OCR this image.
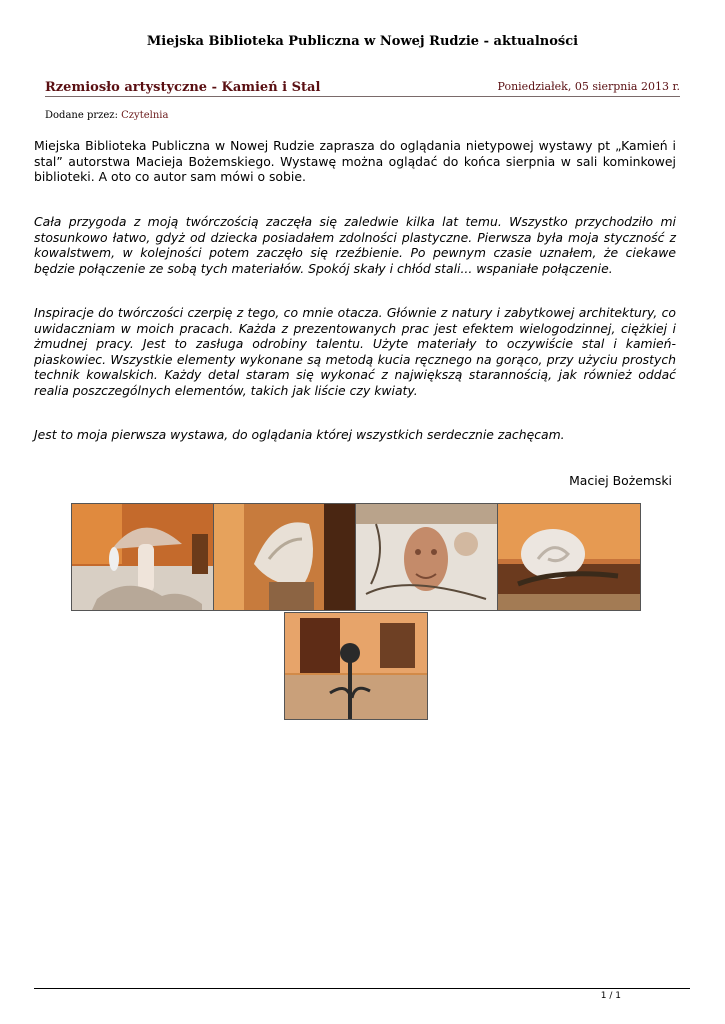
Miejska Biblioteka Publiczna w Nowej Rudzie - aktualności
Rzemiosło artystyczne - Kamień i Stal	Poniedziałek, 05 sierpnia 2013 r.
Dodane przez: Czytelnia
Miejska Biblioteka Publiczna w Nowej Rudzie zaprasza do oglądania nietypowej wystawy pt „Kamień i stal” autorstwa Macieja Bożemskiego. Wystawę można oglądać do końca sierpnia w sali kominkowej biblioteki. A oto co autor sam mówi o sobie.
Cała przygoda z moją twórczością zaczęła się zaledwie kilka lat temu. Wszystko przychodziło mi stosunkowo łatwo, gdyż od dziecka posiadałem zdolności plastyczne. Pierwsza była moja styczność z kowalstwem, w kolejności potem zaczęło się rzeźbienie. Po pewnym czasie uznałem, że ciekawe będzie połączenie ze sobą tych materiałów. Spokój skały i chłód stali... wspaniałe połączenie.
Inspiracje do twórczości czerpię z tego, co mnie otacza. Głównie z natury i zabytkowej architektury, co uwidaczniam w moich pracach. Każda z prezentowanych prac jest efektem wielogodzinnej, ciężkiej i żmudnej pracy. Jest to zasługa odrobiny talentu. Użyte materiały to oczywiście stal i kamień- piaskowiec. Wszystkie elementy wykonane są metodą kucia ręcznego na gorąco, przy użyciu prostych technik kowalskich. Każdy detal staram się wykonać z największą starannością, jak również oddać realia poszczególnych elementów, takich jak liście czy kwiaty.
Jest to moja pierwsza wystawa, do oglądania której wszystkich serdecznie zachęcam.
Maciej Bożemski
1 / 1
